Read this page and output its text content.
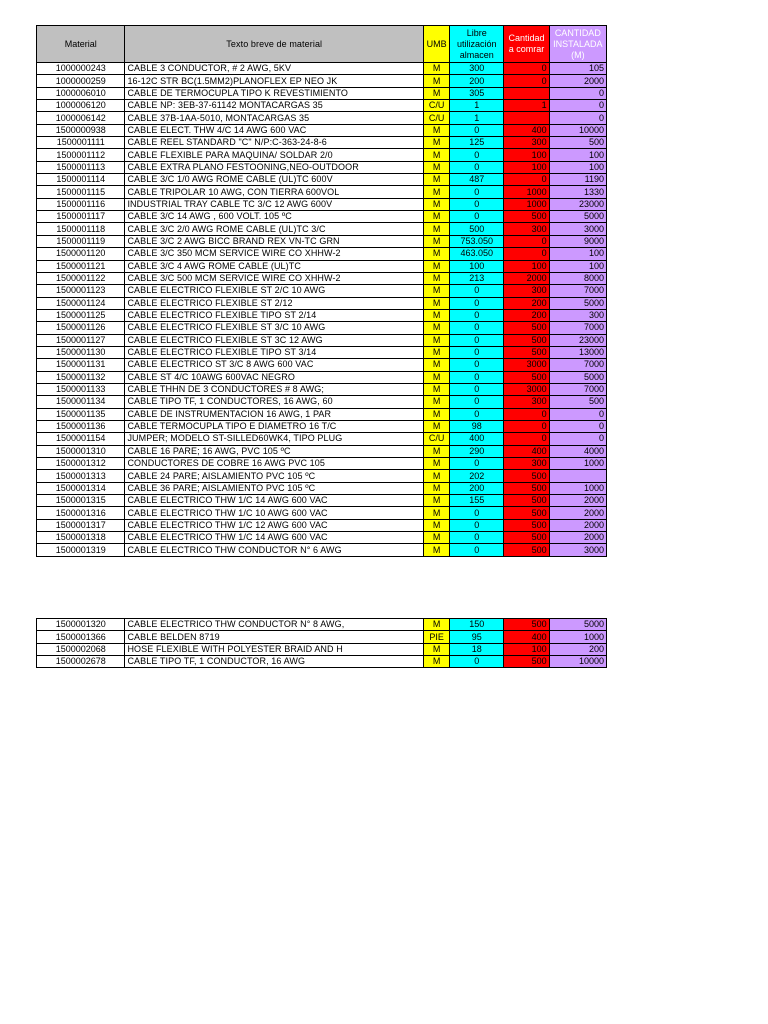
Material	Texto breve de material	UMB	Libre utilización almacen	Cantidad a comrar	CANTIDAD INSTALADA (M)
1000000243	CABLE 3 CONDUCTOR, # 2 AWG, 5KV	M	300	0	105
1000000259	16-12C STR BC(1.5MM2)PLANOFLEX EP NEO JK	M	200	0	2000
1000006010	CABLE DE TERMOCUPLA TIPO K REVESTIMIENTO	M	305		0
1000006120	CABLE NP: 3EB-37-61142 MONTACARGAS 35	C/U	1	1	0
1000006142	CABLE 37B-1AA-5010, MONTACARGAS 35	C/U	1		0
1500000938	CABLE ELECT. THW 4/C 14 AWG 600 VAC	M	0	400	10000
1500001111	CABLE REEL STANDARD "C" N/P:C-363-24-8-6	M	125	300	500
1500001112	CABLE FLEXIBLE PARA MAQUINA/ SOLDAR 2/0	M	0	100	100
1500001113	CABLE EXTRA PLANO FESTOONING,NEO-OUTDOOR	M	0	100	100
1500001114	CABLE 3/C 1/0 AWG ROME CABLE (UL)TC 600V	M	487	0	1190
1500001115	CABLE TRIPOLAR 10 AWG, CON TIERRA 600VOL	M	0	1000	1330
1500001116	INDUSTRIAL TRAY CABLE TC 3/C 12 AWG 600V	M	0	1000	23000
1500001117	CABLE 3/C 14 AWG , 600 VOLT. 105 ºC	M	0	500	5000
1500001118	CABLE 3/C 2/0 AWG ROME CABLE (UL)TC 3/C	M	500	300	3000
1500001119	CABLE 3/C 2 AWG BICC BRAND REX VN-TC GRN	M	753.050	0	9000
1500001120	CABLE 3/C 350 MCM SERVICE WIRE CO XHHW-2	M	463.050	0	100
1500001121	CABLE 3/C 4 AWG ROME CABLE (UL)TC	M	100	100	100
1500001122	CABLE 3/C 500 MCM SERVICE WIRE CO XHHW-2	M	213	2000	8000
1500001123	CABLE ELECTRICO FLEXIBLE ST 2/C 10 AWG	M	0	300	7000
1500001124	CABLE ELECTRICO FLEXIBLE ST 2/12	M	0	200	5000
1500001125	CABLE ELECTRICO FLEXIBLE TIPO ST 2/14	M	0	200	300
1500001126	CABLE ELECTRICO FLEXIBLE ST 3/C 10 AWG	M	0	500	7000
1500001127	CABLE ELECTRICO FLEXIBLE ST 3C 12 AWG	M	0	500	23000
1500001130	CABLE ELECTRICO FLEXIBLE TIPO ST 3/14	M	0	500	13000
1500001131	CABLE ELECTRICO ST 3/C 8 AWG 600 VAC	M	0	3000	7000
1500001132	CABLE ST 4/C 10AWG 600VAC NEGRO	M	0	500	5000
1500001133	CABLE THHN DE 3 CONDUCTORES # 8 AWG;	M	0	3000	7000
1500001134	CABLE TIPO TF, 1 CONDUCTORES, 16 AWG, 60	M	0	300	500
1500001135	CABLE DE INSTRUMENTACION 16 AWG, 1 PAR	M	0	0	0
1500001136	CABLE TERMOCUPLA TIPO E DIAMETRO 16 T/C	M	98	0	0
1500001154	JUMPER; MODELO ST-SILLED60WK4, TIPO PLUG	C/U	400	0	0
1500001310	CABLE 16 PARE; 16 AWG, PVC 105 ºC	M	290	400	4000
1500001312	CONDUCTORES DE COBRE 16 AWG PVC 105	M	0	300	1000
1500001313	CABLE 24 PARE; AISLAMIENTO PVC 105 ºC	M	202	500	
1500001314	CABLE 36 PARE; AISLAMIENTO PVC 105 ºC	M	200	500	1000
1500001315	CABLE ELECTRICO THW 1/C 14 AWG 600 VAC	M	155	500	2000
1500001316	CABLE ELECTRICO THW 1/C 10 AWG 600 VAC	M	0	500	2000
1500001317	CABLE ELECTRICO THW 1/C 12 AWG 600 VAC	M	0	500	2000
1500001318	CABLE ELECTRICO THW 1/C 14 AWG 600 VAC	M	0	500	2000
1500001319	CABLE ELECTRICO THW CONDUCTOR N° 6 AWG	M	0	500	3000
1500001320	CABLE ELECTRICO THW CONDUCTOR N° 8 AWG,	M	150	500	5000
1500001366	CABLE BELDEN 8719	PIE	95	400	1000
1500002068	HOSE FLEXIBLE WITH POLYESTER BRAID AND H	M	18	100	200
1500002678	CABLE TIPO TF, 1 CONDUCTOR, 16 AWG	M	0	500	10000
